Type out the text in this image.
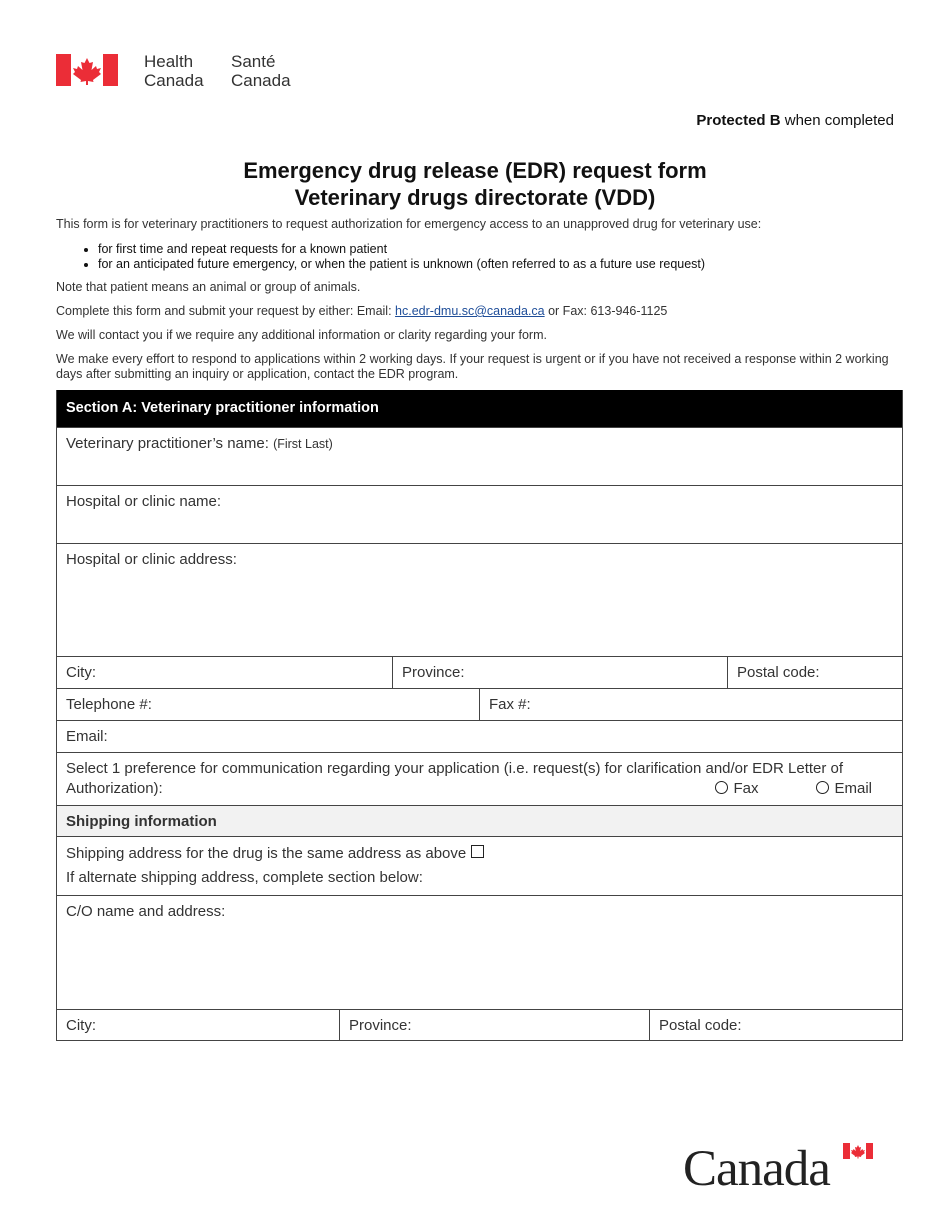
Health
Canada
Santé
Canada
Protected B when completed
Emergency drug release (EDR) request form
Veterinary drugs directorate (VDD)

This form is for veterinary practitioners to request authorization for emergency access to an unapproved drug for veterinary use:

• for first time and repeat requests for a known patient
• for an anticipated future emergency, or when the patient is unknown (often referred to as a future use request)

Note that patient means an animal or group of animals.

Complete this form and submit your request by either: Email: hc.edr-dmu.sc@canada.ca or Fax: 613-946-1125

We will contact you if we require any additional information or clarity regarding your form.

We make every effort to respond to applications within 2 working days. If your request is urgent or if you have not received a response within 2 working days after submitting an inquiry or application, contact the EDR program.

Section A: Veterinary practitioner information
Veterinary practitioner’s name: (First Last)
Hospital or clinic name:
Hospital or clinic address:
City:	Province:	Postal code:
Telephone #:	Fax #:
Email:
Select 1 preference for communication regarding your application (i.e. request(s) for clarification and/or EDR Letter of
Authorization):	Fax	Email
Shipping information
Shipping address for the drug is the same address as above
If alternate shipping address, complete section below:
C/O name and address:
City:	Province:	Postal code:
Canada
